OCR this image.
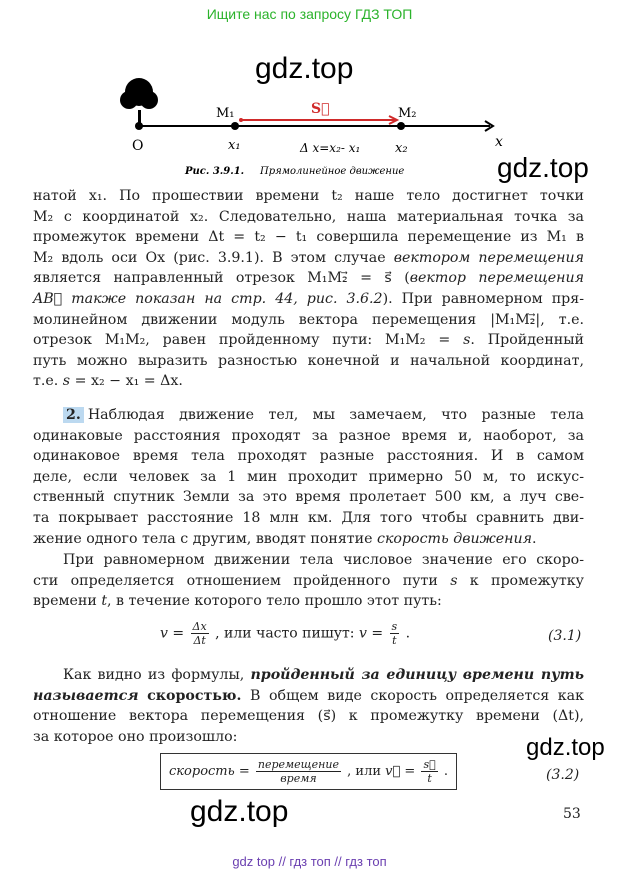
Ищите нас по запросу ГДЗ ТОП
gdz.top
gdz.top
gdz.top
gdz.top
O
M₁	M₂
S⃗
x₁	x₂
Δ x=x₂- x₁	x
Рис. 3.9.1. Прямолинейное движение
натой x₁. По прошествии времени t₂ наше тело достигнет точки
M₂ с координатой x₂. Следовательно, наша материальная точка за
промежуток времени Δt = t₂ − t₁ совершила перемещение из M₁ в
M₂ вдоль оси Ox (рис. 3.9.1). В этом случае вектором перемещения
является направленный отрезок M₁M₂⃗ = s⃗ (вектор перемещения
AB⃗ также показан на стр. 44, рис. 3.6.2). При равномерном пря-
молинейном движении модуль вектора перемещения |M₁M₂⃗|, т.е.
отрезок M₁M₂, равен пройденному пути: M₁M₂ = s. Пройденный
путь можно выразить разностью конечной и начальной координат,
т.е. s = x₂ − x₁ = Δx.
2. Наблюдая движение тел, мы замечаем, что разные тела
одинаковые расстояния проходят за разное время и, наоборот, за
одинаковое время тела проходят разные расстояния. И в самом
деле, если человек за 1 мин проходит примерно 50 м, то искус-
ственный спутник Земли за это время пролетает 500 км, а луч све-
та покрывает расстояние 18 млн км. Для того чтобы сравнить дви-
жение одного тела с другим, вводят понятие скорость движения.
При равномерном движении тела числовое значение его скоро-
сти определяется отношением пройденного пути s к промежутку
времени t, в течение которого тело прошло этот путь:
$v = \frac{\Delta x}{\Delta t}$ , или часто пишут: $v = \frac{s}{t}$ .	(3.1)
Как видно из формулы, пройденный за единицу времени путь
называется скоростью. В общем виде скорость определяется как
отношение вектора перемещения (s⃗) к промежутку времени (Δt),
за которое оно произошло:
скорость = $\frac{\text{перемещение}}{\text{время}}$ , или v⃗ = $\frac{s⃗}{t}$ .	(3.2)
53
gdz top // гдз топ // гдз топ
